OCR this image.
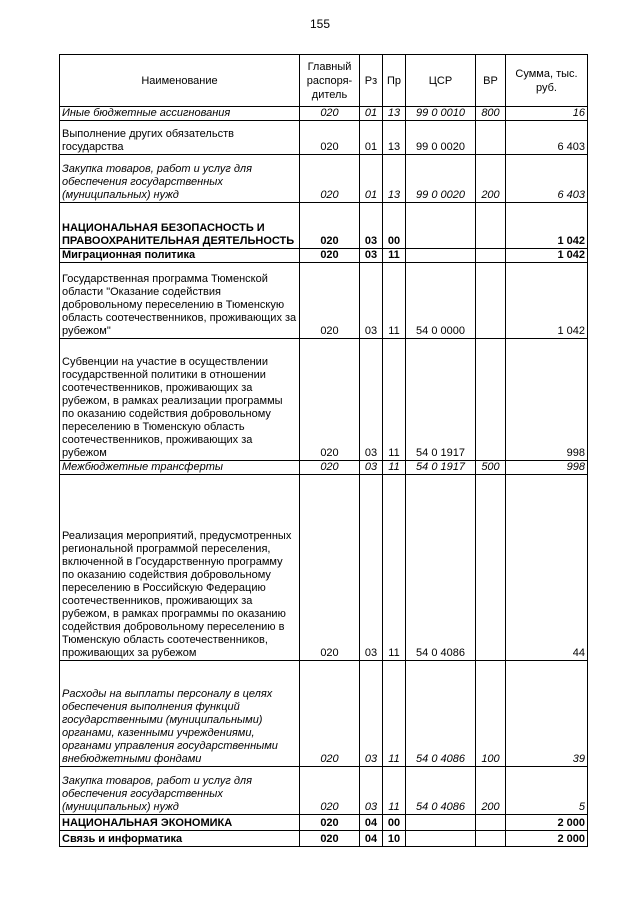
155
Наименование	Главный распоря-дитель	Рз	Пр	ЦСР	ВР	Сумма, тыс. руб.
Иные бюджетные ассигнования	020	01	13	99 0 0010	800	16
Выполнение других обязательств государства	020	01	13	99 0 0020		6 403
Закупка товаров, работ и услуг для обеспечения государственных (муниципальных) нужд	020	01	13	99 0 0020	200	6 403
НАЦИОНАЛЬНАЯ БЕЗОПАСНОСТЬ И ПРАВООХРАНИТЕЛЬНАЯ ДЕЯТЕЛЬНОСТЬ	020	03	00			1 042
Миграционная политика	020	03	11			1 042
Государственная программа Тюменской области "Оказание содействия добровольному переселению в Тюменскую область соотечественников, проживающих за рубежом"	020	03	11	54 0 0000		1 042
Субвенции на участие в осуществлении государственной политики в отношении соотечественников, проживающих за рубежом, в рамках реализации программы по оказанию содействия добровольному переселению в Тюменскую область соотечественников, проживающих за рубежом	020	03	11	54 0 1917		998
Межбюджетные трансферты	020	03	11	54 0 1917	500	998
Реализация мероприятий, предусмотренных региональной программой переселения, включенной в Государственную программу по оказанию содействия добровольному переселению в Российскую Федерацию соотечественников, проживающих за рубежом, в рамках программы по оказанию содействия добровольному переселению в Тюменскую область соотечественников, проживающих за рубежом	020	03	11	54 0 4086		44
Расходы на выплаты персоналу в целях обеспечения выполнения функций государственными (муниципальными) органами, казенными учреждениями, органами управления государственными внебюджетными фондами	020	03	11	54 0 4086	100	39
Закупка товаров, работ и услуг для обеспечения государственных (муниципальных) нужд	020	03	11	54 0 4086	200	5
НАЦИОНАЛЬНАЯ ЭКОНОМИКА	020	04	00			2 000
Связь и информатика	020	04	10			2 000
